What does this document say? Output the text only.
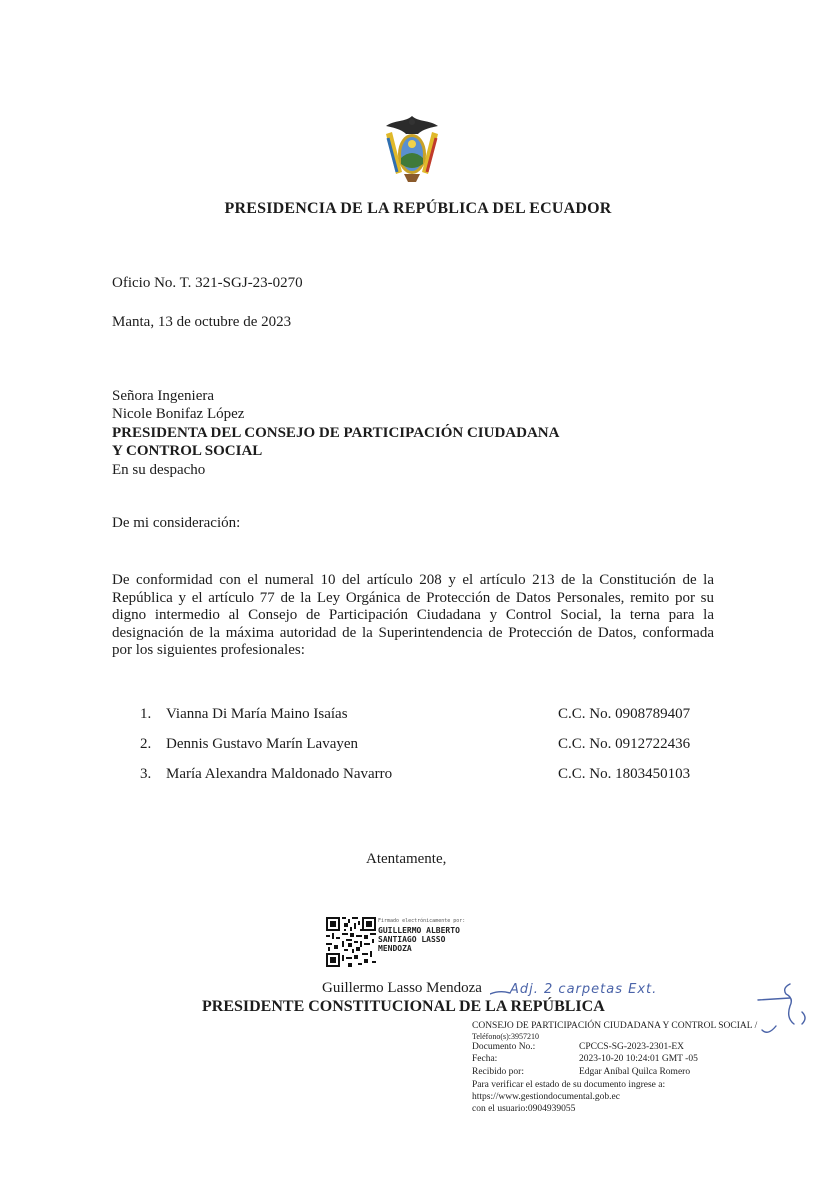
PRESIDENCIA DE LA REPÚBLICA DEL ECUADOR
Oficio No. T. 321-SGJ-23-0270
Manta, 13 de octubre de 2023
Señora Ingeniera
Nicole Bonifaz López
PRESIDENTA DEL CONSEJO DE PARTICIPACIÓN CIUDADANA
Y CONTROL SOCIAL
En su despacho
De mi consideración:
De conformidad con el numeral 10 del artículo 208 y el artículo 213 de la Constitución de la República y el artículo 77 de la Ley Orgánica de Protección de Datos Personales, remito por su digno intermedio al Consejo de Participación Ciudadana y Control Social, la terna para la designación de la máxima autoridad de la Superintendencia de Protección de Datos, conformada por los siguientes profesionales:
1. Vianna Di María Maino Isaías	C.C. No. 0908789407
2. Dennis Gustavo Marín Lavayen	C.C. No. 0912722436
3. María Alexandra Maldonado Navarro	C.C. No. 1803450103
Atentamente,
Firmado electrónicamente por:
GUILLERMO ALBERTO
SANTIAGO LASSO
MENDOZA
Guillermo Lasso Mendoza
PRESIDENTE CONSTITUCIONAL DE LA REPÚBLICA
Adj. 2 carpetas Ext.
CONSEJO DE PARTICIPACIÓN CIUDADANA Y CONTROL SOCIAL /
Teléfono(s):3957210
Documento No.:	CPCCS-SG-2023-2301-EX
Fecha:	2023-10-20 10:24:01 GMT -05
Recibido por:	Edgar Aníbal Quilca Romero
Para verificar el estado de su documento ingrese a:
https://www.gestiondocumental.gob.ec
con el usuario:0904939055
